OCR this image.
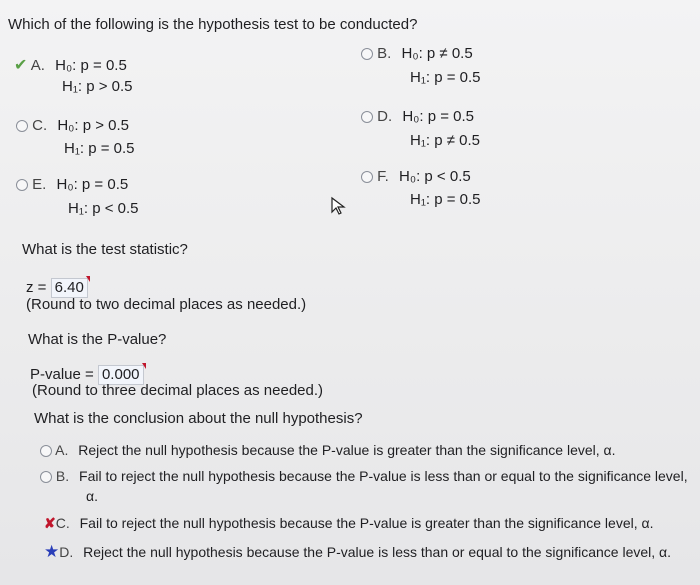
Which of the following is the hypothesis test to be conducted?
✔ A. H₀: p = 0.5
H₁: p > 0.5
B. H₀: p ≠ 0.5
H₁: p = 0.5
C. H₀: p > 0.5
H₁: p = 0.5
D. H₀: p = 0.5
H₁: p ≠ 0.5
E. H₀: p = 0.5
H₁: p < 0.5
F. H₀: p < 0.5
H₁: p = 0.5
What is the test statistic?
z = 6.40
(Round to two decimal places as needed.)
What is the P-value?
P-value = 0.000
(Round to three decimal places as needed.)
What is the conclusion about the null hypothesis?
A. Reject the null hypothesis because the P-value is greater than the significance level, α.
B. Fail to reject the null hypothesis because the P-value is less than or equal to the significance level,
α.
✘C. Fail to reject the null hypothesis because the P-value is greater than the significance level, α.
★D. Reject the null hypothesis because the P-value is less than or equal to the significance level, α.
